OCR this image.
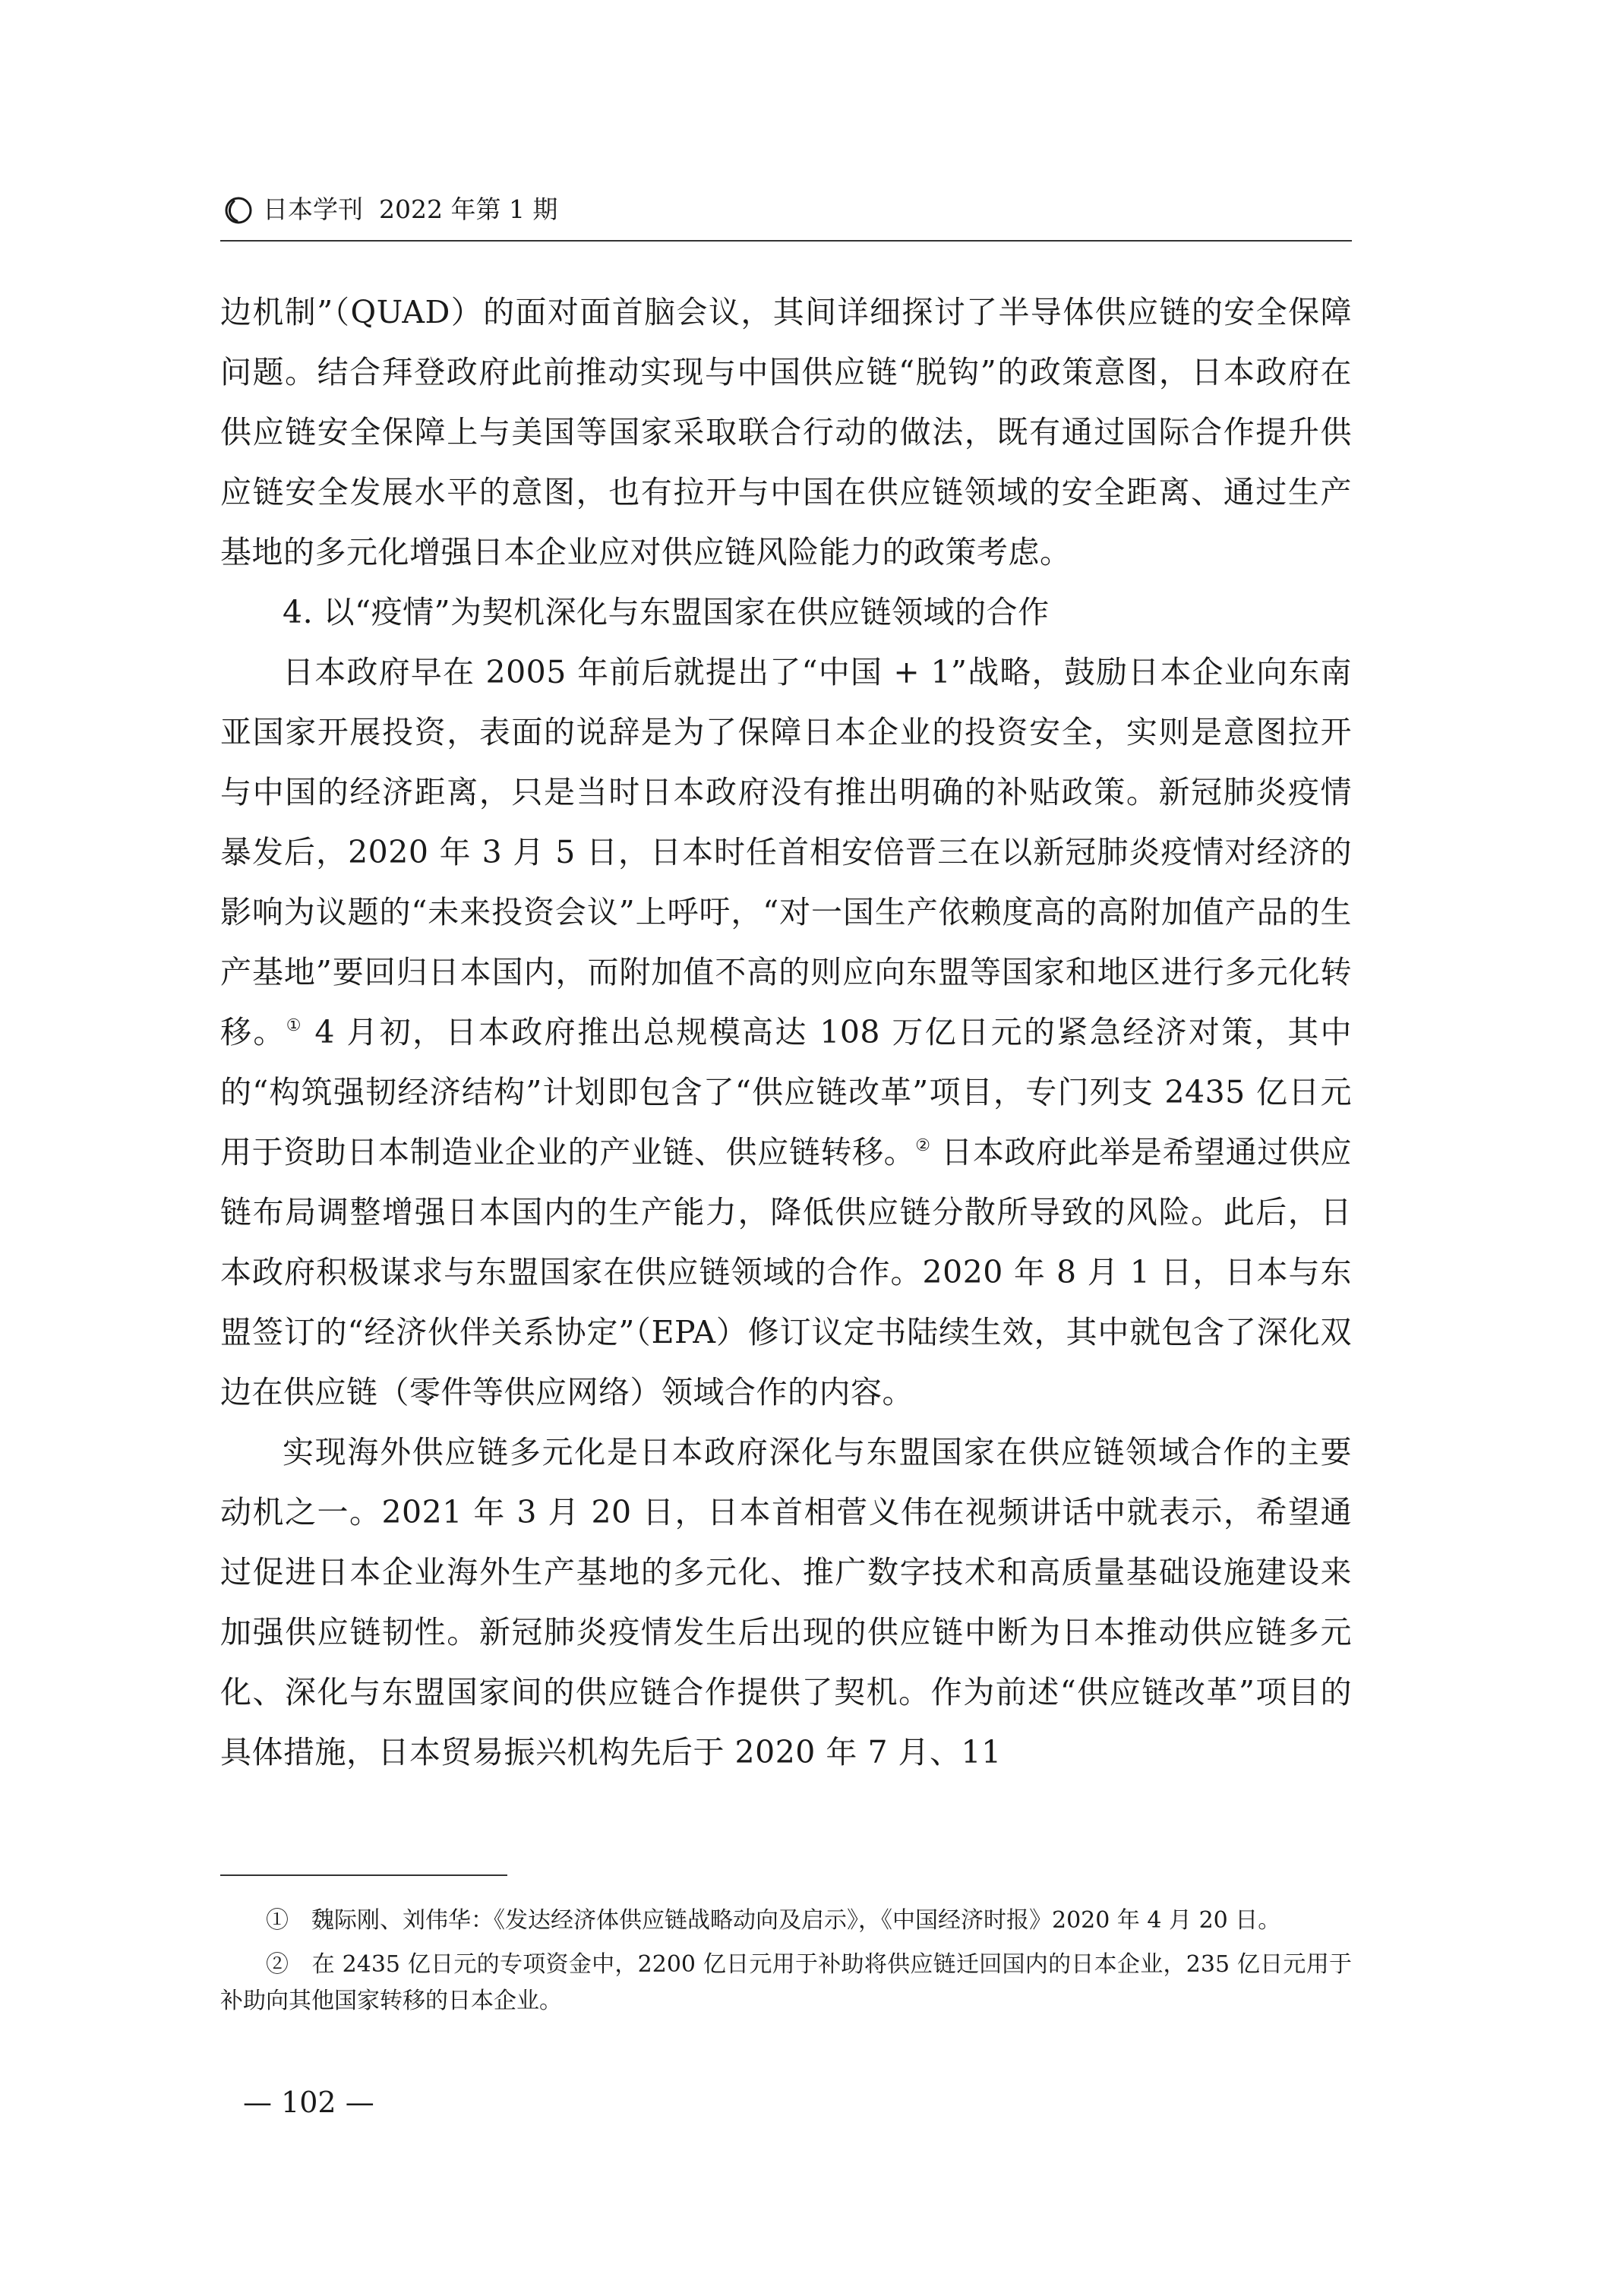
日本学刊 2022 年第 1 期

边机制”（QUAD）的面对面首脑会议，其间详细探讨了半导体供应链的安全保障问题。结合拜登政府此前推动实现与中国供应链“脱钩”的政策意图，日本政府在供应链安全保障上与美国等国家采取联合行动的做法，既有通过国际合作提升供应链安全发展水平的意图，也有拉开与中国在供应链领域的安全距离、通过生产基地的多元化增强日本企业应对供应链风险能力的政策考虑。

4. 以“疫情”为契机深化与东盟国家在供应链领域的合作

日本政府早在 2005 年前后就提出了“中国 + 1”战略，鼓励日本企业向东南亚国家开展投资，表面的说辞是为了保障日本企业的投资安全，实则是意图拉开与中国的经济距离，只是当时日本政府没有推出明确的补贴政策。新冠肺炎疫情暴发后，2020 年 3 月 5 日，日本时任首相安倍晋三在以新冠肺炎疫情对经济的影响为议题的“未来投资会议”上呼吁，“对一国生产依赖度高的高附加值产品的生产基地”要回归日本国内，而附加值不高的则应向东盟等国家和地区进行多元化转移。① 4 月初，日本政府推出总规模高达 108 万亿日元的紧急经济对策，其中的“构筑强韧经济结构”计划即包含了“供应链改革”项目，专门列支 2435 亿日元用于资助日本制造业企业的产业链、供应链转移。② 日本政府此举是希望通过供应链布局调整增强日本国内的生产能力，降低供应链分散所导致的风险。此后，日本政府积极谋求与东盟国家在供应链领域的合作。2020 年 8 月 1 日，日本与东盟签订的“经济伙伴关系协定”（EPA）修订议定书陆续生效，其中就包含了深化双边在供应链（零件等供应网络）领域合作的内容。

实现海外供应链多元化是日本政府深化与东盟国家在供应链领域合作的主要动机之一。2021 年 3 月 20 日，日本首相菅义伟在视频讲话中就表示，希望通过促进日本企业海外生产基地的多元化、推广数字技术和高质量基础设施建设来加强供应链韧性。新冠肺炎疫情发生后出现的供应链中断为日本推动供应链多元化、深化与东盟国家间的供应链合作提供了契机。作为前述“供应链改革”项目的具体措施，日本贸易振兴机构先后于 2020 年 7 月、11

①　魏际刚、刘伟华：《发达经济体供应链战略动向及启示》，《中国经济时报》2020 年 4 月 20 日。

②　在 2435 亿日元的专项资金中，2200 亿日元用于补助将供应链迁回国内的日本企业，235 亿日元用于补助向其他国家转移的日本企业。

— 102 —
